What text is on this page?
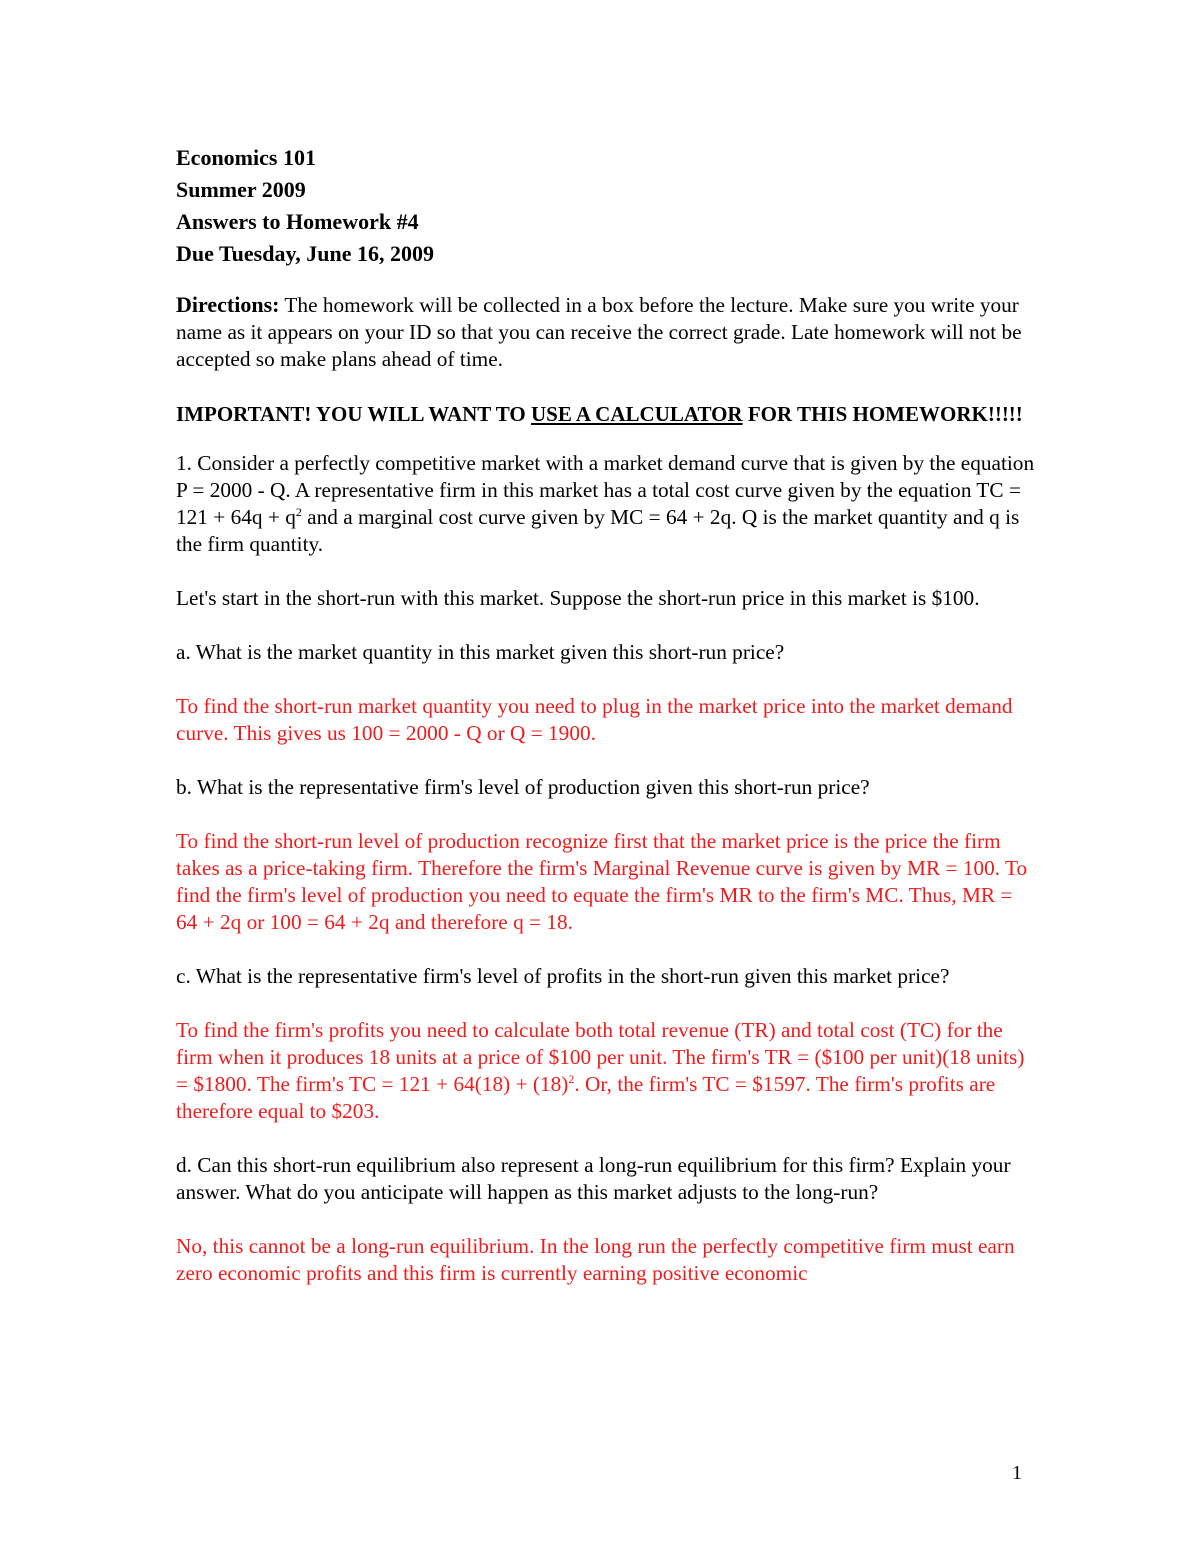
Economics 101
Summer 2009
Answers to Homework #4
Due Tuesday, June 16, 2009

Directions: The homework will be collected in a box before the lecture. Make sure you write your name as it appears on your ID so that you can receive the correct grade. Late homework will not be accepted so make plans ahead of time.

IMPORTANT! YOU WILL WANT TO USE A CALCULATOR FOR THIS HOMEWORK!!!!!

1. Consider a perfectly competitive market with a market demand curve that is given by the equation P = 2000 - Q. A representative firm in this market has a total cost curve given by the equation TC = $121 + 64q + q^2$ and a marginal cost curve given by MC = 64 + 2q. Q is the market quantity and q is the firm quantity.

Let's start in the short-run with this market. Suppose the short-run price in this market is $100.

a. What is the market quantity in this market given this short-run price?

To find the short-run market quantity you need to plug in the market price into the market demand curve. This gives us 100 = 2000 - Q or Q = 1900.

b. What is the representative firm's level of production given this short-run price?

To find the short-run level of production recognize first that the market price is the price the firm takes as a price-taking firm. Therefore the firm's Marginal Revenue curve is given by MR = 100. To find the firm's level of production you need to equate the firm's MR to the firm's MC. Thus, MR = 64 + 2q or 100 = 64 + 2q and therefore q = 18.

c. What is the representative firm's level of profits in the short-run given this market price?

To find the firm's profits you need to calculate both total revenue (TR) and total cost (TC) for the firm when it produces 18 units at a price of $100 per unit. The firm's TR = ($100 per unit)(18 units) = $1800. The firm's TC = $121 + 64(18) + (18)^2$. Or, the firm's TC = $1597. The firm's profits are therefore equal to $203.

d. Can this short-run equilibrium also represent a long-run equilibrium for this firm? Explain your answer. What do you anticipate will happen as this market adjusts to the long-run?

No, this cannot be a long-run equilibrium. In the long run the perfectly competitive firm must earn zero economic profits and this firm is currently earning positive economic

1
